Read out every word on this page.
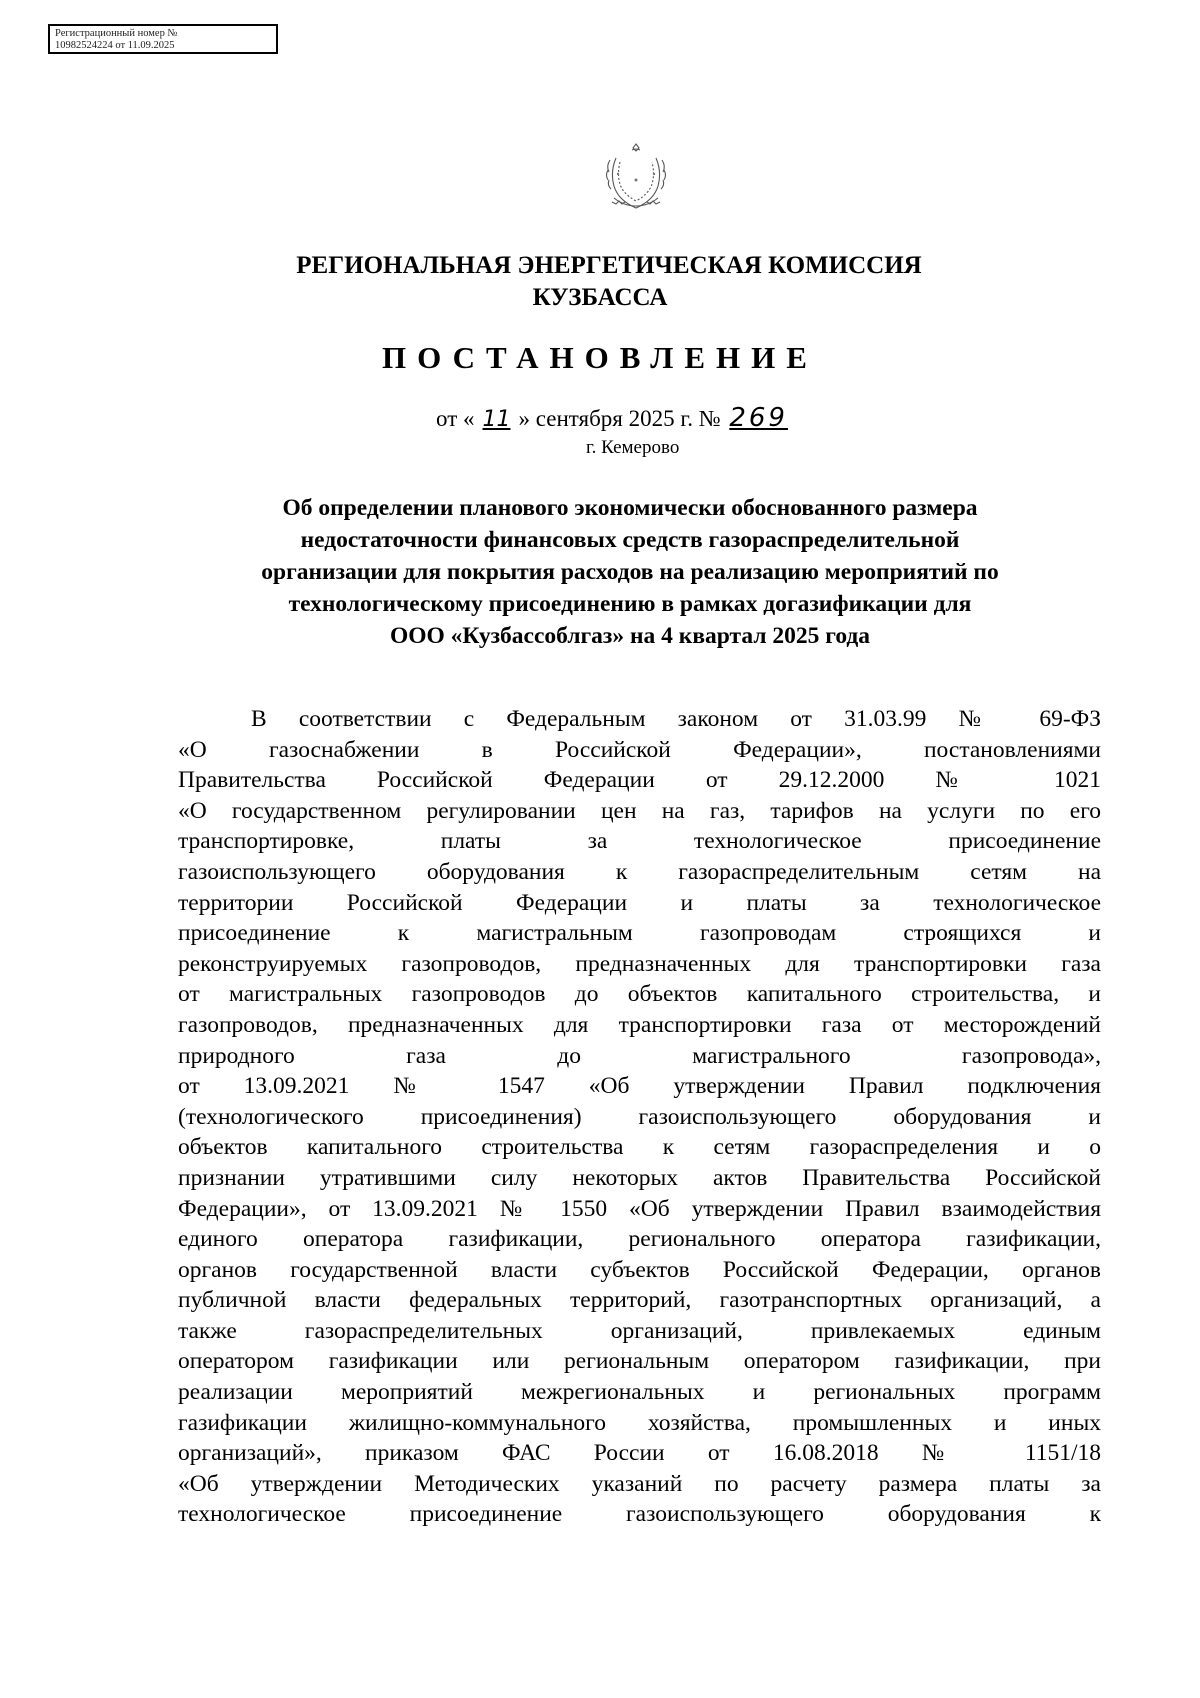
Регистрационный номер №
10982524224 от 11.09.2025
РЕГИОНАЛЬНАЯ ЭНЕРГЕТИЧЕСКАЯ КОМИССИЯ
КУЗБАССА
ПОСТАНОВЛЕНИЕ
от « 11 » сентября 2025 г. № 269
г. Кемерово
Об определении планового экономически обоснованного размера
недостаточности финансовых средств газораспределительной
организации для покрытия расходов на реализацию мероприятий по
технологическому присоединению в рамках догазификации для
ООО «Кузбассоблгаз» на 4 квартал 2025 года
В соответствии с Федеральным законом от 31.03.99 № 69-ФЗ
«О газоснабжении в Российской Федерации», постановлениями
Правительства Российской Федерации от 29.12.2000 № 1021
«О государственном регулировании цен на газ, тарифов на услуги по его
транспортировке, платы за технологическое присоединение
газоиспользующего оборудования к газораспределительным сетям на
территории Российской Федерации и платы за технологическое
присоединение к магистральным газопроводам строящихся и
реконструируемых газопроводов, предназначенных для транспортировки газа
от магистральных газопроводов до объектов капитального строительства, и
газопроводов, предназначенных для транспортировки газа от месторождений
природного газа до магистрального газопровода»,
от 13.09.2021 № 1547 «Об утверждении Правил подключения
(технологического присоединения) газоиспользующего оборудования и
объектов капитального строительства к сетям газораспределения и о
признании утратившими силу некоторых актов Правительства Российской
Федерации», от 13.09.2021 № 1550 «Об утверждении Правил взаимодействия
единого оператора газификации, регионального оператора газификации,
органов государственной власти субъектов Российской Федерации, органов
публичной власти федеральных территорий, газотранспортных организаций, а
также газораспределительных организаций, привлекаемых единым
оператором газификации или региональным оператором газификации, при
реализации мероприятий межрегиональных и региональных программ
газификации жилищно-коммунального хозяйства, промышленных и иных
организаций», приказом ФАС России от 16.08.2018 № 1151/18
«Об утверждении Методических указаний по расчету размера платы за
технологическое присоединение газоиспользующего оборудования к
